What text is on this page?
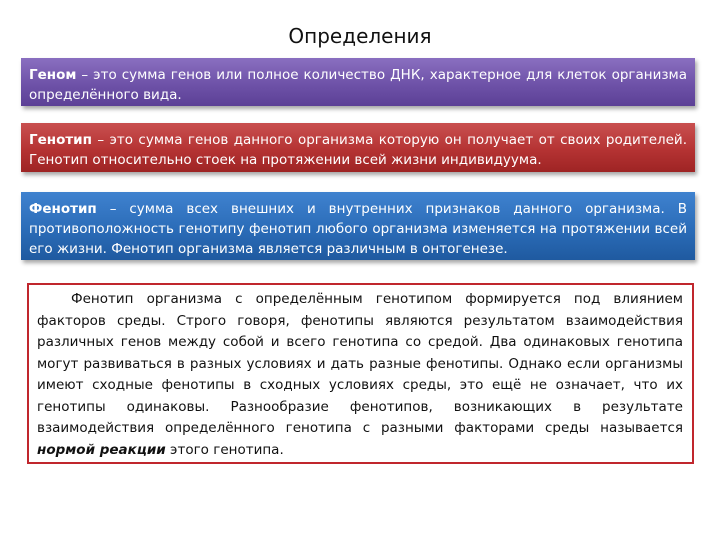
Определения
Геном – это сумма генов или полное количество ДНК, характерное для клеток организма определённого вида.
Генотип – это сумма генов данного организма которую он получает от своих родителей. Генотип относительно стоек на протяжении всей жизни индивидуума.
Фенотип – сумма всех внешних и внутренних признаков данного организма. В противоположность генотипу фенотип любого организма изменяется на протяжении всей его жизни. Фенотип организма является различным в онтогенезе.
Фенотип организма с определённым генотипом формируется под влиянием факторов среды. Строго говоря, фенотипы являются результатом взаимодействия различных генов между собой и всего генотипа со средой. Два одинаковых генотипа могут развиваться в разных условиях и дать разные фенотипы. Однако если организмы имеют сходные фенотипы в сходных условиях среды, это ещё не означает, что их генотипы одинаковы. Разнообразие фенотипов, возникающих в результате взаимодействия определённого генотипа с разными факторами среды называется нормой реакции этого генотипа.
